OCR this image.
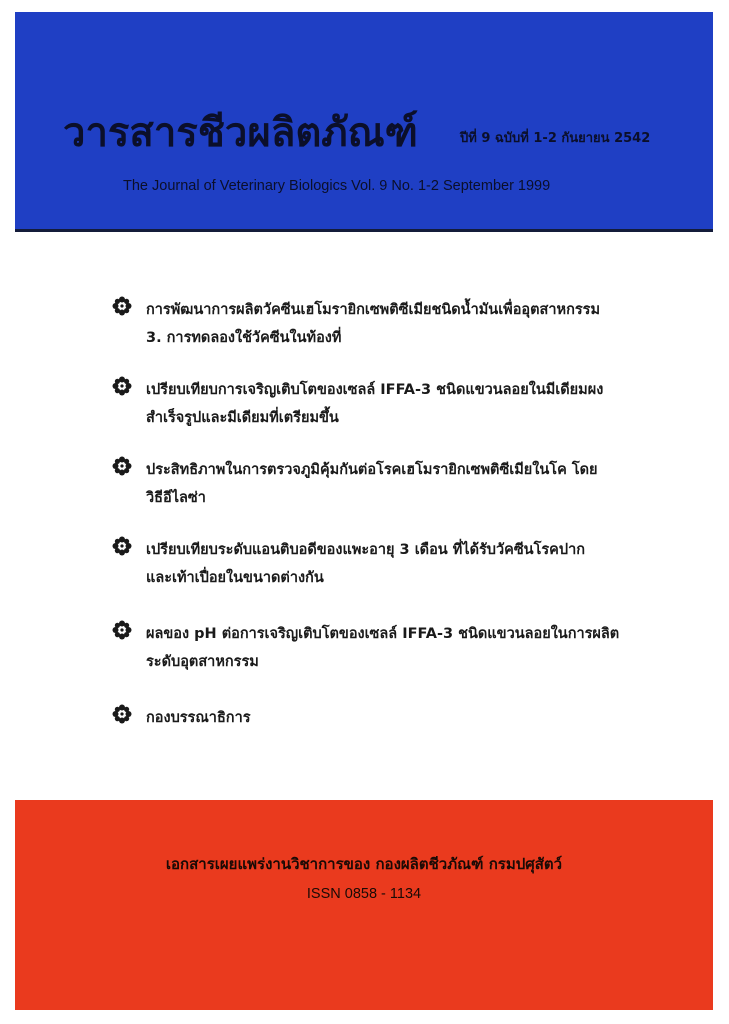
วารสารชีวผลิตภัณฑ์	ปีที่ 9 ฉบับที่ 1-2 กันยายน 2542
The Journal of Veterinary Biologics Vol. 9 No. 1-2 September 1999
การพัฒนาการผลิตวัคซีนเฮโมรายิกเซพติซีเมียชนิดน้ำมันเพื่ออุตสาหกรรม
3. การทดลองใช้วัคซีนในท้องที่
เปรียบเทียบการเจริญเติบโตของเซลล์ IFFA-3 ชนิดแขวนลอยในมีเดียมผง
สำเร็จรูปและมีเดียมที่เตรียมขึ้น
ประสิทธิภาพในการตรวจภูมิคุ้มกันต่อโรคเฮโมรายิกเซพติซีเมียในโค โดย
วิธีอีไลซ่า
เปรียบเทียบระดับแอนติบอดีของแพะอายุ 3 เดือน ที่ได้รับวัคซีนโรคปาก
และเท้าเปื่อยในขนาดต่างกัน
ผลของ pH ต่อการเจริญเติบโตของเซลล์ IFFA-3 ชนิดแขวนลอยในการผลิต
ระดับอุตสาหกรรม
กองบรรณาธิการ
เอกสารเผยแพร่งานวิชาการของ กองผลิตชีวภัณฑ์ กรมปศุสัตว์
ISSN 0858 - 1134
